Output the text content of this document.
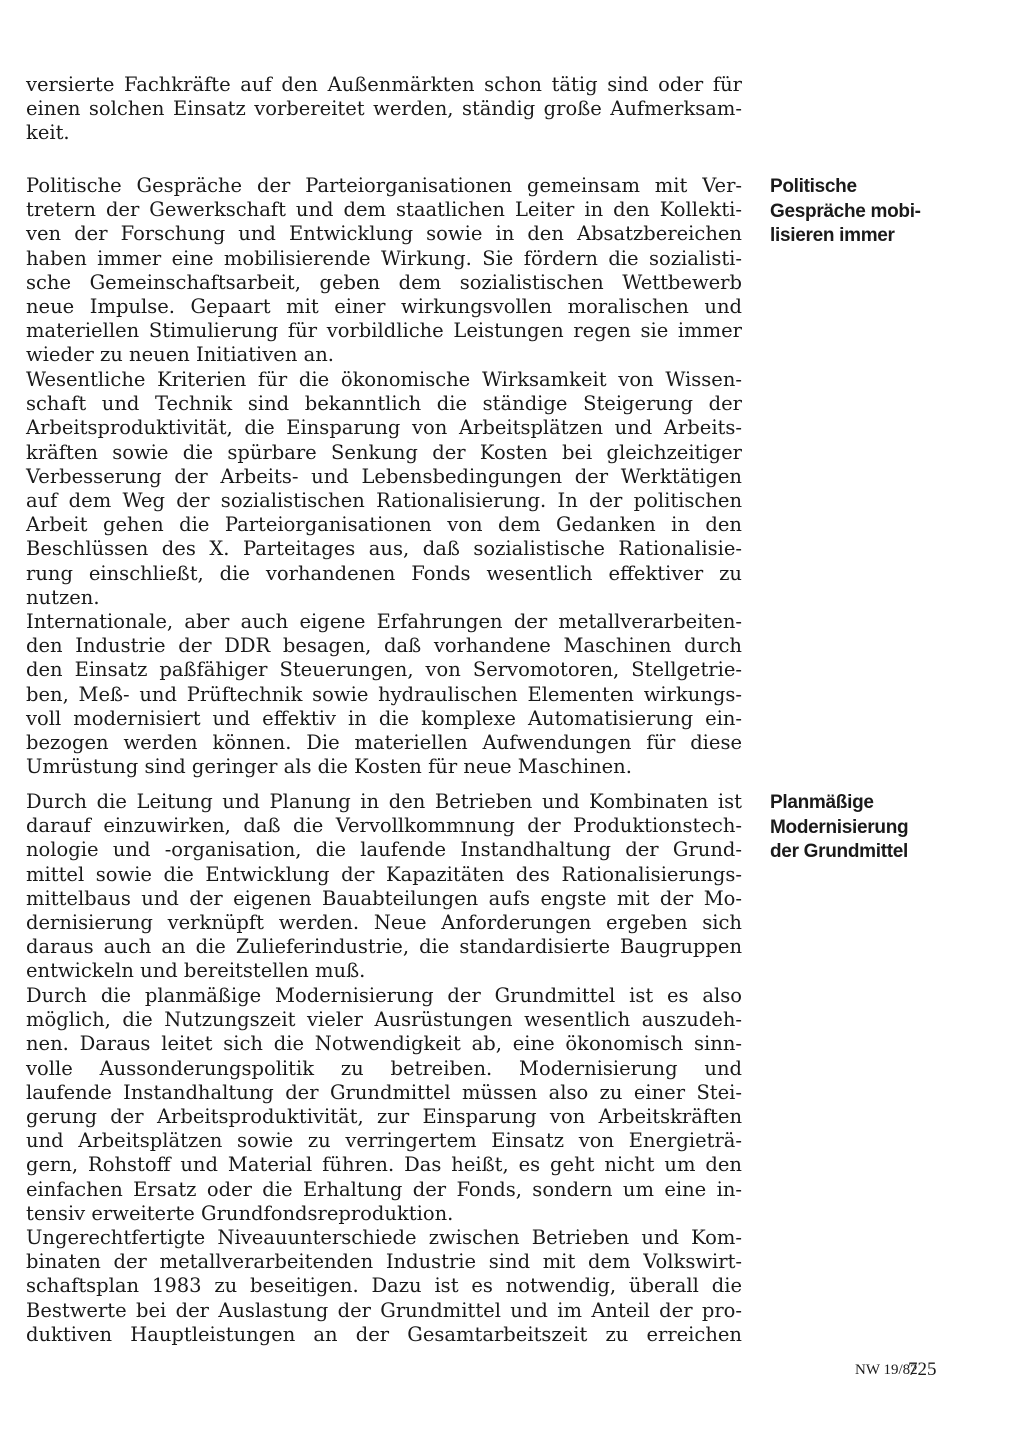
versierte Fachkräfte auf den Außenmärkten schon tätig sind oder für
einen solchen Einsatz vorbereitet werden, ständig große Aufmerksam-
keit.
Politische Gespräche der Parteiorganisationen gemeinsam mit Ver-
tretern der Gewerkschaft und dem staatlichen Leiter in den Kollekti-
ven der Forschung und Entwicklung sowie in den Absatzbereichen
haben immer eine mobilisierende Wirkung. Sie fördern die sozialisti-
sche Gemeinschaftsarbeit, geben dem sozialistischen Wettbewerb
neue Impulse. Gepaart mit einer wirkungsvollen moralischen und
materiellen Stimulierung für vorbildliche Leistungen regen sie immer
wieder zu neuen Initiativen an.
Wesentliche Kriterien für die ökonomische Wirksamkeit von Wissen-
schaft und Technik sind bekanntlich die ständige Steigerung der
Arbeitsproduktivität, die Einsparung von Arbeitsplätzen und Arbeits-
kräften sowie die spürbare Senkung der Kosten bei gleichzeitiger
Verbesserung der Arbeits- und Lebensbedingungen der Werktätigen
auf dem Weg der sozialistischen Rationalisierung. In der politischen
Arbeit gehen die Parteiorganisationen von dem Gedanken in den
Beschlüssen des X. Parteitages aus, daß sozialistische Rationalisie-
rung einschließt, die vorhandenen Fonds wesentlich effektiver zu
nutzen.
Internationale, aber auch eigene Erfahrungen der metallverarbeiten-
den Industrie der DDR besagen, daß vorhandene Maschinen durch
den Einsatz paßfähiger Steuerungen, von Servomotoren, Stellgetrie-
ben, Meß- und Prüftechnik sowie hydraulischen Elementen wirkungs-
voll modernisiert und effektiv in die komplexe Automatisierung ein-
bezogen werden können. Die materiellen Aufwendungen für diese
Umrüstung sind geringer als die Kosten für neue Maschinen.
Durch die Leitung und Planung in den Betrieben und Kombinaten ist
darauf einzuwirken, daß die Vervollkommnung der Produktionstech-
nologie und -organisation, die laufende Instandhaltung der Grund-
mittel sowie die Entwicklung der Kapazitäten des Rationalisierungs-
mittelbaus und der eigenen Bauabteilungen aufs engste mit der Mo-
dernisierung verknüpft werden. Neue Anforderungen ergeben sich
daraus auch an die Zulieferindustrie, die standardisierte Baugruppen
entwickeln und bereitstellen muß.
Durch die planmäßige Modernisierung der Grundmittel ist es also
möglich, die Nutzungszeit vieler Ausrüstungen wesentlich auszudeh-
nen. Daraus leitet sich die Notwendigkeit ab, eine ökonomisch sinn-
volle Aussonderungspolitik zu betreiben. Modernisierung und
laufende Instandhaltung der Grundmittel müssen also zu einer Stei-
gerung der Arbeitsproduktivität, zur Einsparung von Arbeitskräften
und Arbeitsplätzen sowie zu verringertem Einsatz von Energieträ-
gern, Rohstoff und Material führen. Das heißt, es geht nicht um den
einfachen Ersatz oder die Erhaltung der Fonds, sondern um eine in-
tensiv erweiterte Grundfondsreproduktion.
Ungerechtfertigte Niveauunterschiede zwischen Betrieben und Kom-
binaten der metallverarbeitenden Industrie sind mit dem Volkswirt-
schaftsplan 1983 zu beseitigen. Dazu ist es notwendig, überall die
Bestwerte bei der Auslastung der Grundmittel und im Anteil der pro-
duktiven Hauptleistungen an der Gesamtarbeitszeit zu erreichen
Politische
Gespräche mobi-
lisieren immer
Planmäßige
Modernisierung
der Grundmittel
NW 19/82
725
